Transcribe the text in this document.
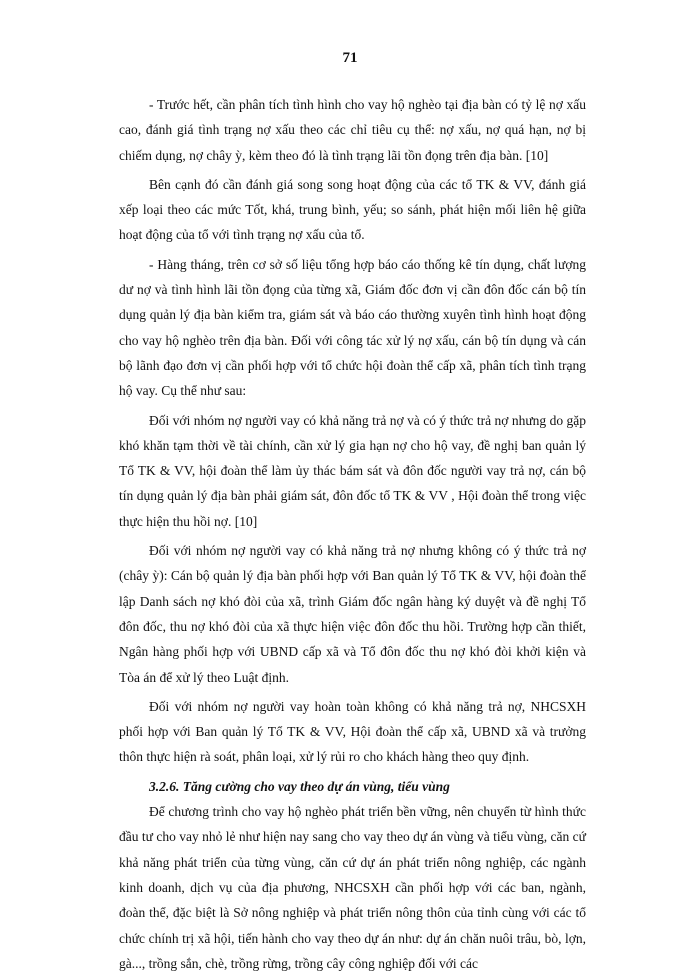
71

- Trước hết, cần phân tích tình hình cho vay hộ nghèo tại địa bàn có tỷ lệ nợ xấu cao, đánh giá tình trạng nợ xấu theo các chỉ tiêu cụ thể: nợ xấu, nợ quá hạn, nợ bị chiếm dụng, nợ chây ỳ, kèm theo đó là tình trạng lãi tồn đọng trên địa bàn. [10]

Bên cạnh đó cần đánh giá song song hoạt động của các tổ TK & VV, đánh giá xếp loại theo các mức Tốt, khá, trung bình, yếu; so sánh, phát hiện mối liên hệ giữa hoạt động của tổ với tình trạng nợ xấu của tổ.

- Hàng tháng, trên cơ sở số liệu tổng hợp báo cáo thống kê tín dụng, chất lượng dư nợ và tình hình lãi tồn đọng của từng xã, Giám đốc đơn vị cần đôn đốc cán bộ tín dụng quản lý địa bàn kiểm tra, giám sát và báo cáo thường xuyên tình hình hoạt động cho vay hộ nghèo trên địa bàn. Đối với công tác xử lý nợ xấu, cán bộ tín dụng và cán bộ lãnh đạo đơn vị cần phối hợp với tổ chức hội đoàn thể cấp xã, phân tích tình trạng hộ vay. Cụ thể như sau:

Đối với nhóm nợ người vay có khả năng trả nợ và có ý thức trả nợ nhưng do gặp khó khăn tạm thời về tài chính, cần xử lý gia hạn nợ cho hộ vay, đề nghị ban quản lý Tổ TK & VV, hội đoàn thể làm ủy thác bám sát và đôn đốc người vay trả nợ, cán bộ tín dụng quản lý địa bàn phải giám sát, đôn đốc tổ TK & VV , Hội đoàn thể trong việc thực hiện thu hồi nợ. [10]

Đối với nhóm nợ người vay có khả năng trả nợ nhưng không có ý thức trả nợ (chây ỳ): Cán bộ quản lý địa bàn phối hợp với Ban quản lý Tổ TK & VV, hội đoàn thể lập Danh sách nợ khó đòi của xã, trình Giám đốc ngân hàng ký duyệt và đề nghị Tổ đôn đốc, thu nợ khó đòi của xã thực hiện việc đôn đốc thu hồi. Trường hợp cần thiết, Ngân hàng phối hợp với UBND cấp xã và Tổ đôn đốc thu nợ khó đòi khởi kiện và Tòa án để xử lý theo Luật định.

Đối với nhóm nợ người vay hoàn toàn không có khả năng trả nợ, NHCSXH phối hợp với Ban quản lý Tổ TK & VV, Hội đoàn thể cấp xã, UBND xã và trưởng thôn thực hiện rà soát, phân loại, xử lý rủi ro cho khách hàng theo quy định.

3.2.6. Tăng cường cho vay theo dự án vùng, tiểu vùng

Để chương trình cho vay hộ nghèo phát triển bền vững, nên chuyển từ hình thức đầu tư cho vay nhỏ lẻ như hiện nay sang cho vay theo dự án vùng và tiểu vùng, căn cứ khả năng phát triển của từng vùng, căn cứ dự án phát triển nông nghiệp, các ngành kinh doanh, dịch vụ của địa phương, NHCSXH cần phối hợp với các ban, ngành, đoàn thể, đặc biệt là Sở nông nghiệp và phát triển nông thôn của tỉnh cùng với các tổ chức chính trị xã hội, tiến hành cho vay theo dự án như: dự án chăn nuôi trâu, bò, lợn, gà..., trồng sắn, chè, trồng rừng, trồng cây công nghiệp đối với các
